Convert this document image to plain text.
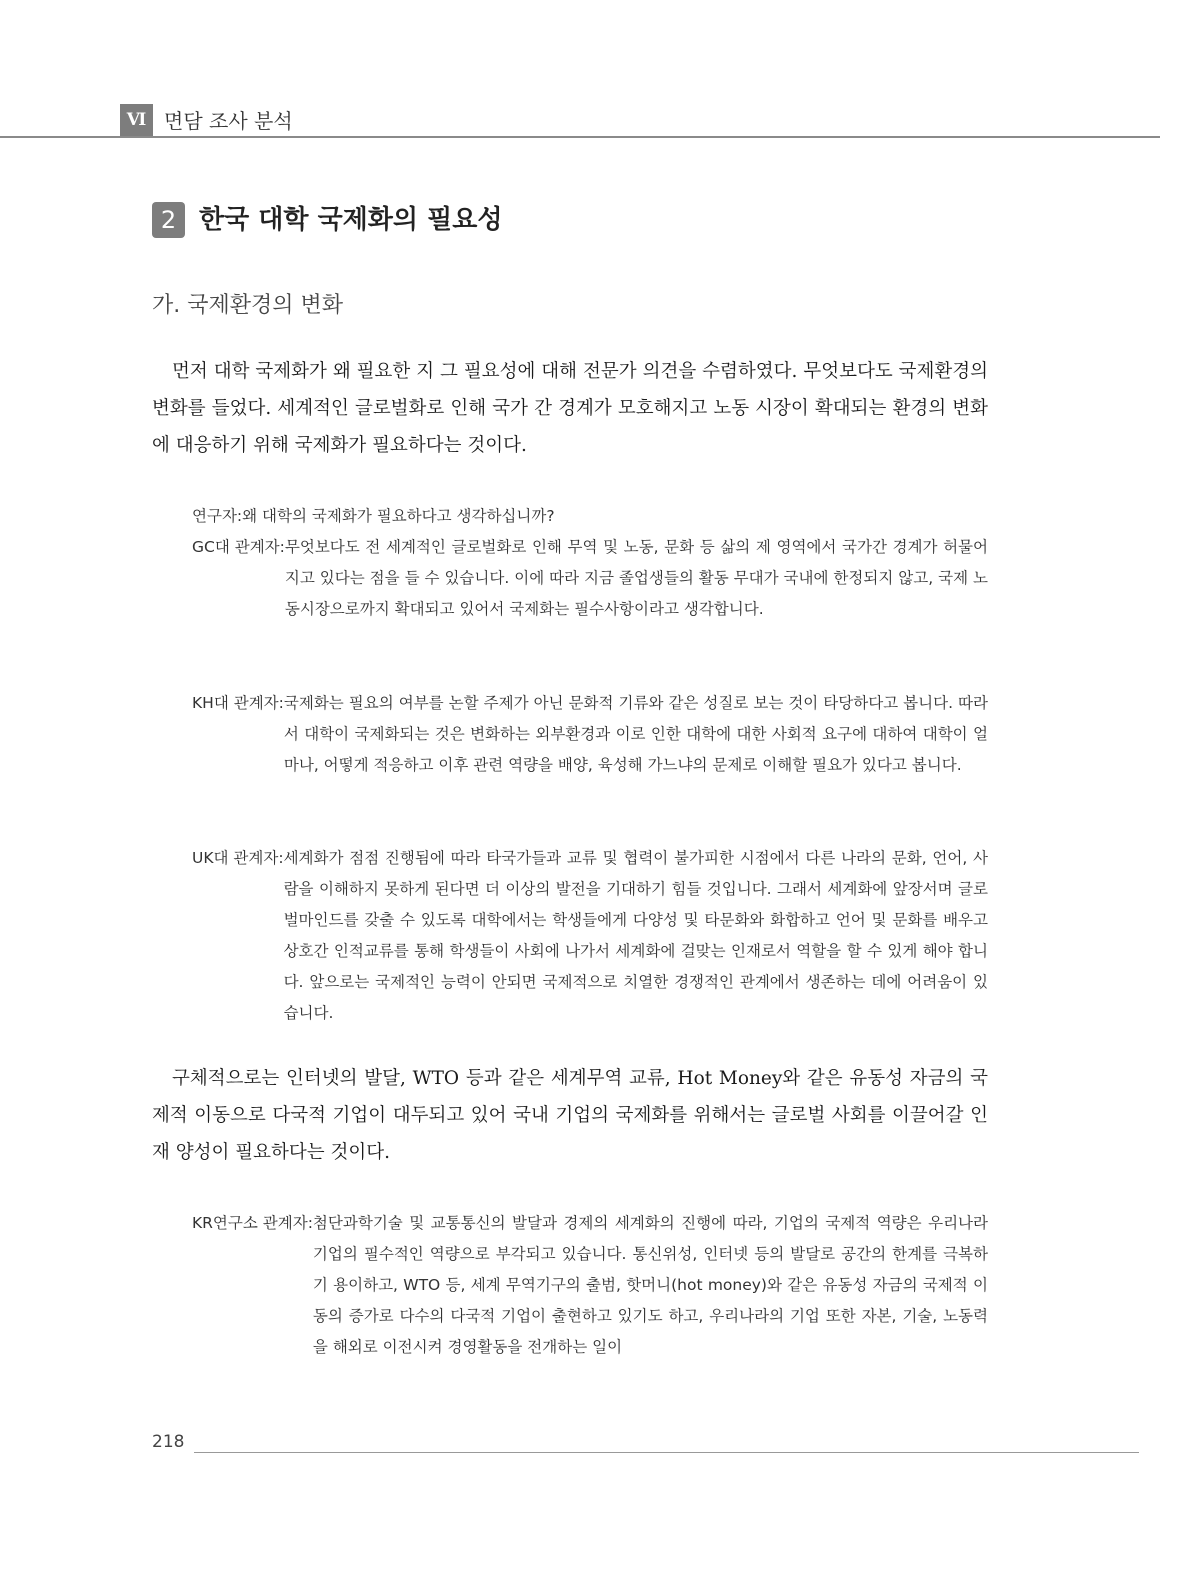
Ⅵ 면담 조사 분석
2 한국 대학 국제화의 필요성
가. 국제환경의 변화
먼저 대학 국제화가 왜 필요한 지 그 필요성에 대해 전문가 의견을 수렴하였다. 무엇보다도 국제환경의 변화를 들었다. 세계적인 글로벌화로 인해 국가 간 경계가 모호해지고 노동 시장이 확대되는 환경의 변화에 대응하기 위해 국제화가 필요하다는 것이다.
연구자: 왜 대학의 국제화가 필요하다고 생각하십니까?
GC대 관계자: 무엇보다도 전 세계적인 글로벌화로 인해 무역 및 노동, 문화 등 삶의 제 영역에서 국가간 경계가 허물어지고 있다는 점을 들 수 있습니다. 이에 따라 지금 졸업생들의 활동 무대가 국내에 한정되지 않고, 국제 노동시장으로까지 확대되고 있어서 국제화는 필수사항이라고 생각합니다.
KH대 관계자: 국제화는 필요의 여부를 논할 주제가 아닌 문화적 기류와 같은 성질로 보는 것이 타당하다고 봅니다. 따라서 대학이 국제화되는 것은 변화하는 외부환경과 이로 인한 대학에 대한 사회적 요구에 대하여 대학이 얼마나, 어떻게 적응하고 이후 관련 역량을 배양, 육성해 가느냐의 문제로 이해할 필요가 있다고 봅니다.
UK대 관계자: 세계화가 점점 진행됨에 따라 타국가들과 교류 및 협력이 불가피한 시점에서 다른 나라의 문화, 언어, 사람을 이해하지 못하게 된다면 더 이상의 발전을 기대하기 힘들 것입니다. 그래서 세계화에 앞장서며 글로벌마인드를 갖출 수 있도록 대학에서는 학생들에게 다양성 및 타문화와 화합하고 언어 및 문화를 배우고 상호간 인적교류를 통해 학생들이 사회에 나가서 세계화에 걸맞는 인재로서 역할을 할 수 있게 해야 합니다. 앞으로는 국제적인 능력이 안되면 국제적으로 치열한 경쟁적인 관계에서 생존하는 데에 어려움이 있습니다.
구체적으로는 인터넷의 발달, WTO 등과 같은 세계무역 교류, Hot Money와 같은 유동성 자금의 국제적 이동으로 다국적 기업이 대두되고 있어 국내 기업의 국제화를 위해서는 글로벌 사회를 이끌어갈 인재 양성이 필요하다는 것이다.
KR연구소 관계자: 첨단과학기술 및 교통통신의 발달과 경제의 세계화의 진행에 따라, 기업의 국제적 역량은 우리나라 기업의 필수적인 역량으로 부각되고 있습니다. 통신위성, 인터넷 등의 발달로 공간의 한계를 극복하기 용이하고, WTO 등, 세계 무역기구의 출범, 핫머니(hot money)와 같은 유동성 자금의 국제적 이동의 증가로 다수의 다국적 기업이 출현하고 있기도 하고, 우리나라의 기업 또한 자본, 기술, 노동력을 해외로 이전시켜 경영활동을 전개하는 일이
218
